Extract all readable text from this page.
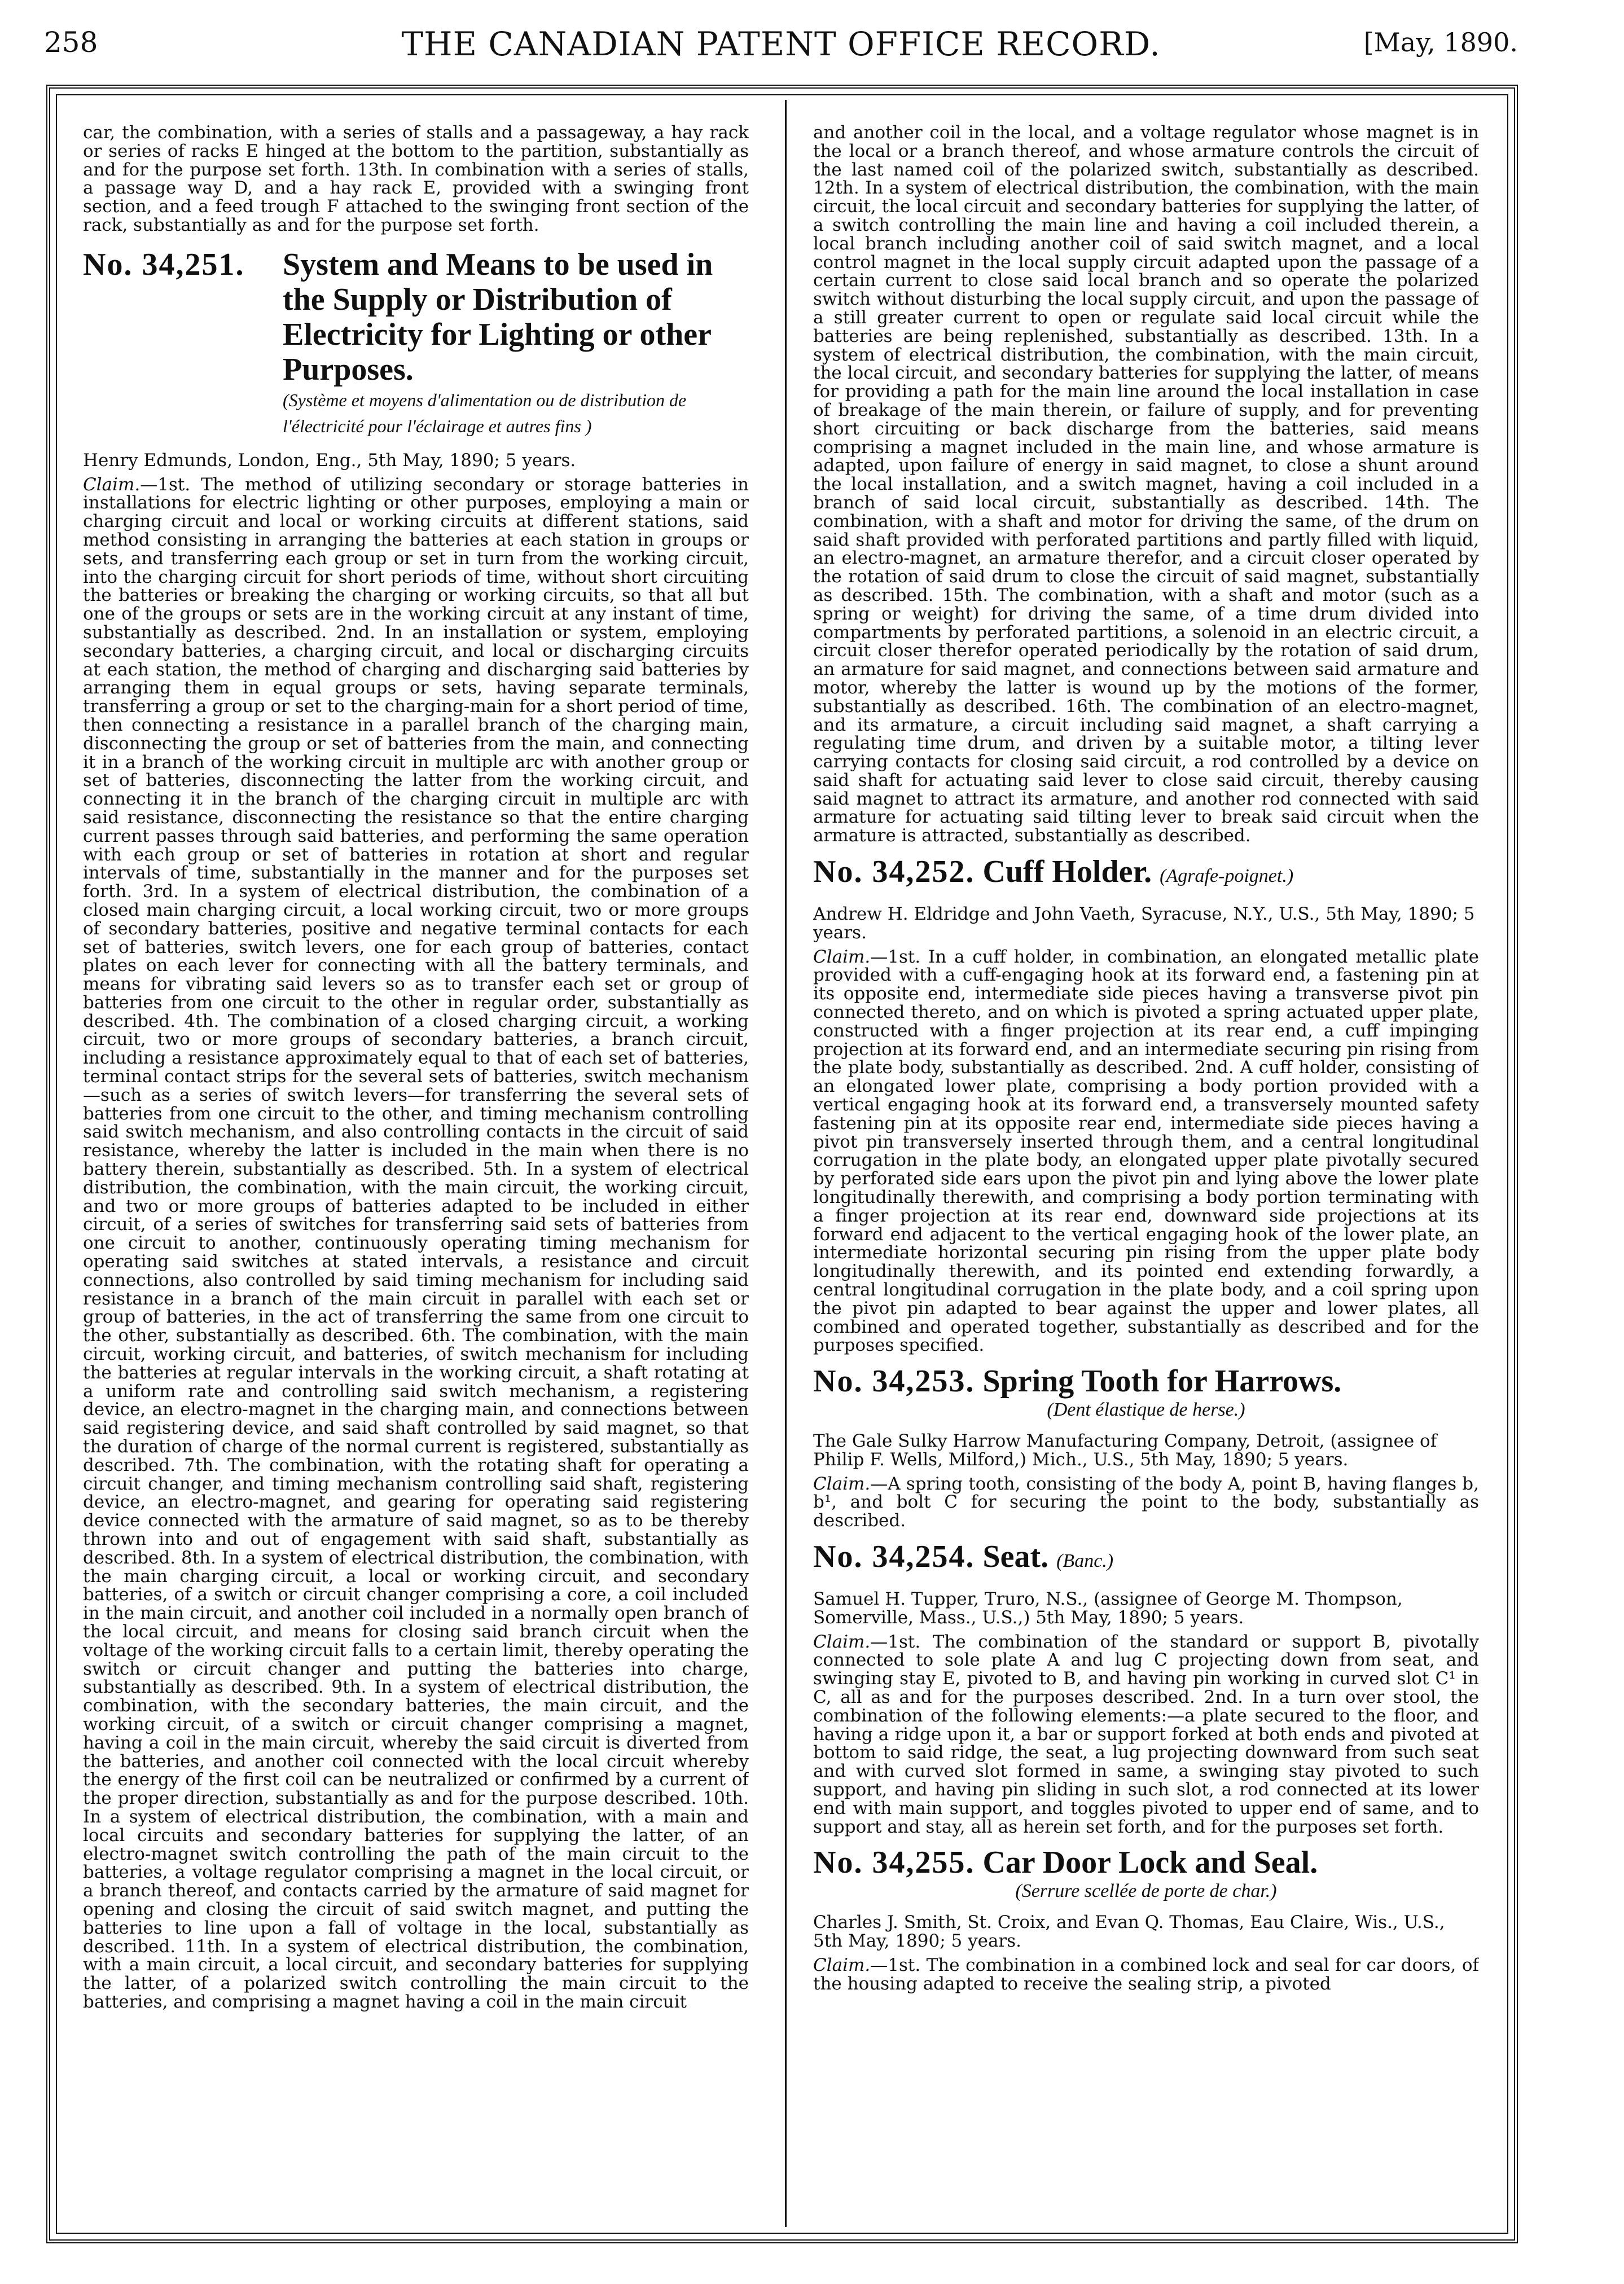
258	THE CANADIAN PATENT OFFICE RECORD.	[May, 1890.

car, the combination, with a series of stalls and a passageway, a hay rack or series of racks E hinged at the bottom to the partition, substantially as and for the purpose set forth. 13th. In combination with a series of stalls, a passage way D, and a hay rack E, provided with a swinging front section, and a feed trough F attached to the swinging front section of the rack, substantially as and for the purpose set forth.

No. 34,251.	System and Means to be used in the Supply or Distribution of Electricity for Lighting or other Purposes.
(Système et moyens d'alimentation ou de distribution de l'électricité pour l'éclairage et autres fins )

Henry Edmunds, London, Eng., 5th May, 1890; 5 years.

Claim.—1st. The method of utilizing secondary or storage batteries in installations for electric lighting or other purposes, employing a main or charging circuit and local or working circuits at different stations, said method consisting in arranging the batteries at each station in groups or sets, and transferring each group or set in turn from the working circuit, into the charging circuit for short periods of time, without short circuiting the batteries or breaking the charging or working circuits, so that all but one of the groups or sets are in the working circuit at any instant of time, substantially as described. 2nd. In an installation or system, employing secondary batteries, a charging circuit, and local or discharging circuits at each station, the method of charging and discharging said batteries by arranging them in equal groups or sets, having separate terminals, transferring a group or set to the charging-main for a short period of time, then connecting a resistance in a parallel branch of the charging main, disconnecting the group or set of batteries from the main, and connecting it in a branch of the working circuit in multiple arc with another group or set of batteries, disconnecting the latter from the working circuit, and connecting it in the branch of the charging circuit in multiple arc with said resistance, disconnecting the resistance so that the entire charging current passes through said batteries, and performing the same operation with each group or set of batteries in rotation at short and regular intervals of time, substantially in the manner and for the purposes set forth. 3rd. In a system of electrical distribution, the combination of a closed main charging circuit, a local working circuit, two or more groups of secondary batteries, positive and negative terminal contacts for each set of batteries, switch levers, one for each group of batteries, contact plates on each lever for connecting with all the battery terminals, and means for vibrating said levers so as to transfer each set or group of batteries from one circuit to the other in regular order, substantially as described. 4th. The combination of a closed charging circuit, a working circuit, two or more groups of secondary batteries, a branch circuit, including a resistance approximately equal to that of each set of batteries, terminal contact strips for the several sets of batteries, switch mechanism—such as a series of switch levers—for transferring the several sets of batteries from one circuit to the other, and timing mechanism controlling said switch mechanism, and also controlling contacts in the circuit of said resistance, whereby the latter is included in the main when there is no battery therein, substantially as described. 5th. In a system of electrical distribution, the combination, with the main circuit, the working circuit, and two or more groups of batteries adapted to be included in either circuit, of a series of switches for transferring said sets of batteries from one circuit to another, continuously operating timing mechanism for operating said switches at stated intervals, a resistance and circuit connections, also controlled by said timing mechanism for including said resistance in a branch of the main circuit in parallel with each set or group of batteries, in the act of transferring the same from one circuit to the other, substantially as described. 6th. The combination, with the main circuit, working circuit, and batteries, of switch mechanism for including the batteries at regular intervals in the working circuit, a shaft rotating at a uniform rate and controlling said switch mechanism, a registering device, an electro-magnet in the charging main, and connections between said registering device, and said shaft controlled by said magnet, so that the duration of charge of the normal current is registered, substantially as described. 7th. The combination, with the rotating shaft for operating a circuit changer, and timing mechanism controlling said shaft, registering device, an electro-magnet, and gearing for operating said registering device connected with the armature of said magnet, so as to be thereby thrown into and out of engagement with said shaft, substantially as described. 8th. In a system of electrical distribution, the combination, with the main charging circuit, a local or working circuit, and secondary batteries, of a switch or circuit changer comprising a core, a coil included in the main circuit, and another coil included in a normally open branch of the local circuit, and means for closing said branch circuit when the voltage of the working circuit falls to a certain limit, thereby operating the switch or circuit changer and putting the batteries into charge, substantially as described. 9th. In a system of electrical distribution, the combination, with the secondary batteries, the main circuit, and the working circuit, of a switch or circuit changer comprising a magnet, having a coil in the main circuit, whereby the said circuit is diverted from the batteries, and another coil connected with the local circuit whereby the energy of the first coil can be neutralized or confirmed by a current of the proper direction, substantially as and for the purpose described. 10th. In a system of electrical distribution, the combination, with a main and local circuits and secondary batteries for supplying the latter, of an electro-magnet switch controlling the path of the main circuit to the batteries, a voltage regulator comprising a magnet in the local circuit, or a branch thereof, and contacts carried by the armature of said magnet for opening and closing the circuit of said switch magnet, and putting the batteries to line upon a fall of voltage in the local, substantially as described. 11th. In a system of electrical distribution, the combination, with a main circuit, a local circuit, and secondary batteries for supplying the latter, of a polarized switch controlling the main circuit to the batteries, and comprising a magnet having a coil in the main circuit

and another coil in the local, and a voltage regulator whose magnet is in the local or a branch thereof, and whose armature controls the circuit of the last named coil of the polarized switch, substantially as described. 12th. In a system of electrical distribution, the combination, with the main circuit, the local circuit and secondary batteries for supplying the latter, of a switch controlling the main line and having a coil included therein, a local branch including another coil of said switch magnet, and a local control magnet in the local supply circuit adapted upon the passage of a certain current to close said local branch and so operate the polarized switch without disturbing the local supply circuit, and upon the passage of a still greater current to open or regulate said local circuit while the batteries are being replenished, substantially as described. 13th. In a system of electrical distribution, the combination, with the main circuit, the local circuit, and secondary batteries for supplying the latter, of means for providing a path for the main line around the local installation in case of breakage of the main therein, or failure of supply, and for preventing short circuiting or back discharge from the batteries, said means comprising a magnet included in the main line, and whose armature is adapted, upon failure of energy in said magnet, to close a shunt around the local installation, and a switch magnet, having a coil included in a branch of said local circuit, substantially as described. 14th. The combination, with a shaft and motor for driving the same, of the drum on said shaft provided with perforated partitions and partly filled with liquid, an electro-magnet, an armature therefor, and a circuit closer operated by the rotation of said drum to close the circuit of said magnet, substantially as described. 15th. The combination, with a shaft and motor (such as a spring or weight) for driving the same, of a time drum divided into compartments by perforated partitions, a solenoid in an electric circuit, a circuit closer therefor operated periodically by the rotation of said drum, an armature for said magnet, and connections between said armature and motor, whereby the latter is wound up by the motions of the former, substantially as described. 16th. The combination of an electro-magnet, and its armature, a circuit including said magnet, a shaft carrying a regulating time drum, and driven by a suitable motor, a tilting lever carrying contacts for closing said circuit, a rod controlled by a device on said shaft for actuating said lever to close said circuit, thereby causing said magnet to attract its armature, and another rod connected with said armature for actuating said tilting lever to break said circuit when the armature is attracted, substantially as described.

No. 34,252. Cuff Holder. (Agrafe-poignet.)

Andrew H. Eldridge and John Vaeth, Syracuse, N.Y., U.S., 5th May, 1890; 5 years.

Claim.—1st. In a cuff holder, in combination, an elongated metallic plate provided with a cuff-engaging hook at its forward end, a fastening pin at its opposite end, intermediate side pieces having a transverse pivot pin connected thereto, and on which is pivoted a spring actuated upper plate, constructed with a finger projection at its rear end, a cuff impinging projection at its forward end, and an intermediate securing pin rising from the plate body, substantially as described. 2nd. A cuff holder, consisting of an elongated lower plate, comprising a body portion provided with a vertical engaging hook at its forward end, a transversely mounted safety fastening pin at its opposite rear end, intermediate side pieces having a pivot pin transversely inserted through them, and a central longitudinal corrugation in the plate body, an elongated upper plate pivotally secured by perforated side ears upon the pivot pin and lying above the lower plate longitudinally therewith, and comprising a body portion terminating with a finger projection at its rear end, downward side projections at its forward end adjacent to the vertical engaging hook of the lower plate, an intermediate horizontal securing pin rising from the upper plate body longitudinally therewith, and its pointed end extending forwardly, a central longitudinal corrugation in the plate body, and a coil spring upon the pivot pin adapted to bear against the upper and lower plates, all combined and operated together, substantially as described and for the purposes specified.

No. 34,253. Spring Tooth for Harrows.
(Dent élastique de herse.)

The Gale Sulky Harrow Manufacturing Company, Detroit, (assignee of Philip F. Wells, Milford,) Mich., U.S., 5th May, 1890; 5 years.

Claim.—A spring tooth, consisting of the body A, point B, having flanges b, b¹, and bolt C for securing the point to the body, substantially as described.

No. 34,254. Seat. (Banc.)

Samuel H. Tupper, Truro, N.S., (assignee of George M. Thompson, Somerville, Mass., U.S.,) 5th May, 1890; 5 years.

Claim.—1st. The combination of the standard or support B, pivotally connected to sole plate A and lug C projecting down from seat, and swinging stay E, pivoted to B, and having pin working in curved slot C¹ in C, all as and for the purposes described. 2nd. In a turn over stool, the combination of the following elements:—a plate secured to the floor, and having a ridge upon it, a bar or support forked at both ends and pivoted at bottom to said ridge, the seat, a lug projecting downward from such seat and with curved slot formed in same, a swinging stay pivoted to such support, and having pin sliding in such slot, a rod connected at its lower end with main support, and toggles pivoted to upper end of same, and to support and stay, all as herein set forth, and for the purposes set forth.

No. 34,255. Car Door Lock and Seal.
(Serrure scellée de porte de char.)

Charles J. Smith, St. Croix, and Evan Q. Thomas, Eau Claire, Wis., U.S., 5th May, 1890; 5 years.

Claim.—1st. The combination in a combined lock and seal for car doors, of the housing adapted to receive the sealing strip, a pivoted
